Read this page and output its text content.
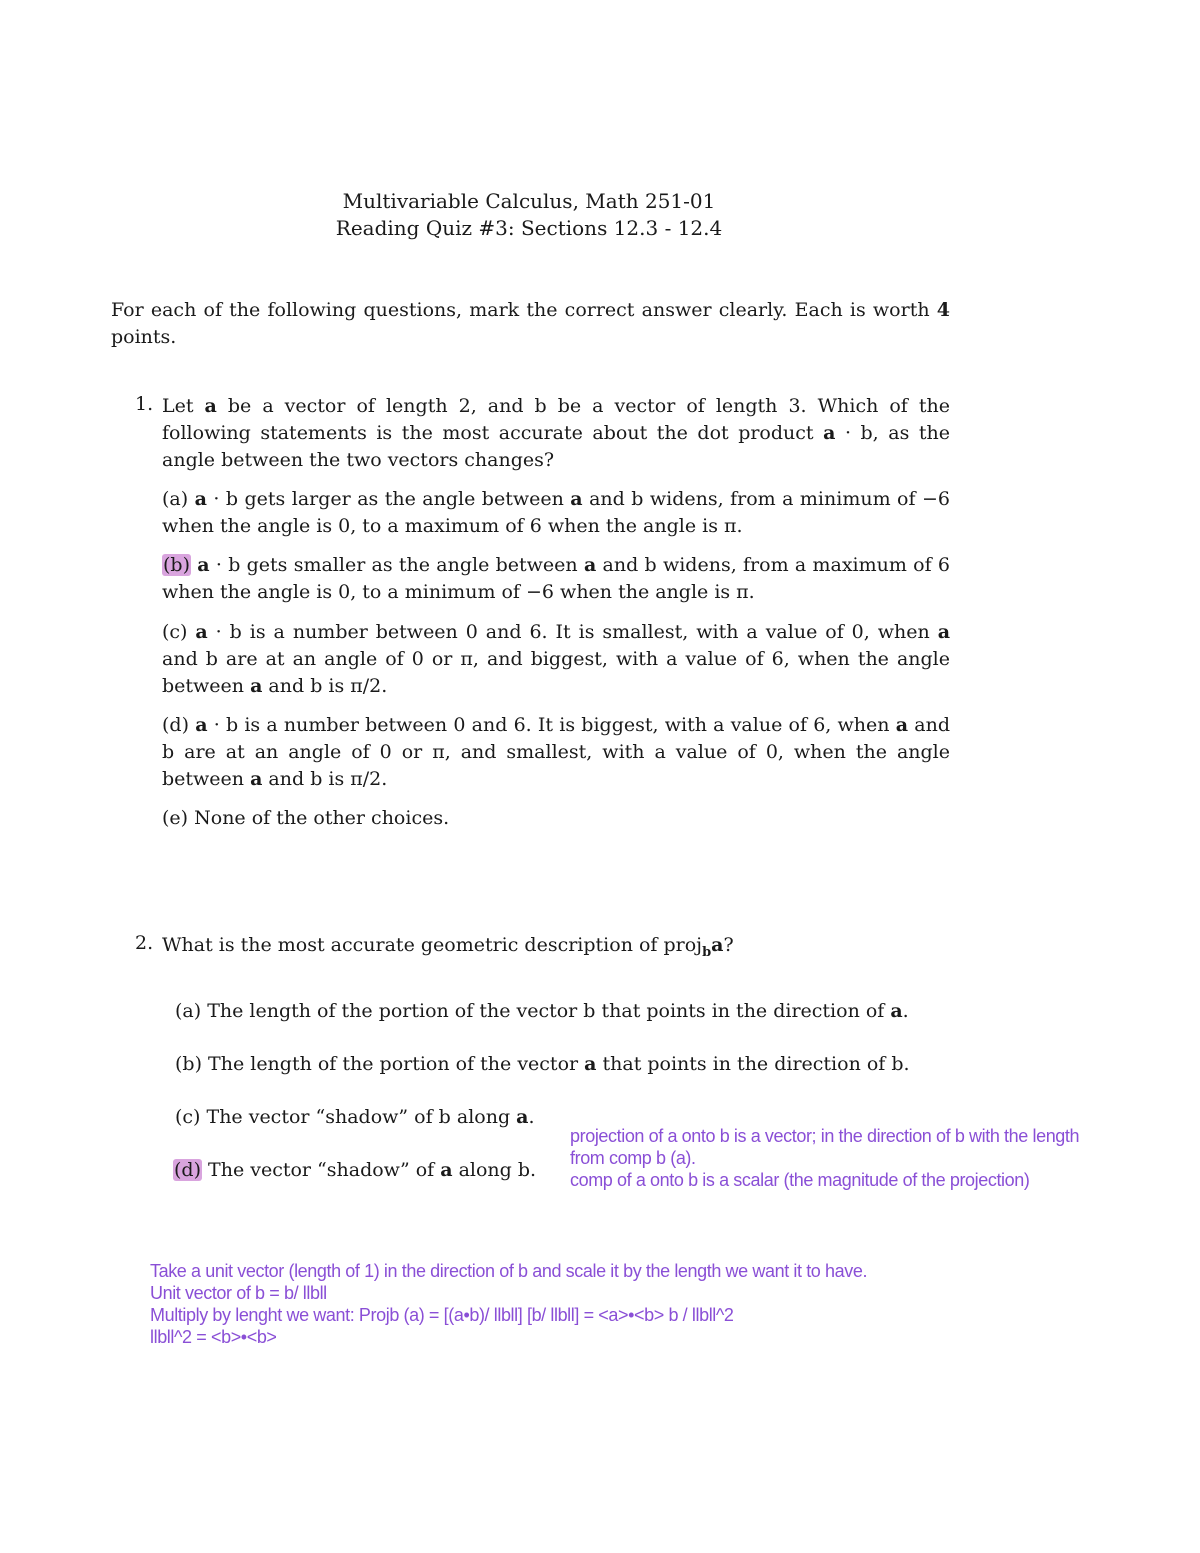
Multivariable Calculus, Math 251-01
Reading Quiz #3: Sections 12.3 - 12.4

For each of the following questions, mark the correct answer clearly. Each is worth 4 points.

1. Let a be a vector of length 2, and b be a vector of length 3. Which of the following statements is the most accurate about the dot product a · b, as the angle between the two vectors changes?

(a) a · b gets larger as the angle between a and b widens, from a minimum of −6 when the angle is 0, to a maximum of 6 when the angle is π.

(b) a · b gets smaller as the angle between a and b widens, from a maximum of 6 when the angle is 0, to a minimum of −6 when the angle is π.

(c) a · b is a number between 0 and 6. It is smallest, with a value of 0, when a and b are at an angle of 0 or π, and biggest, with a value of 6, when the angle between a and b is π/2.

(d) a · b is a number between 0 and 6. It is biggest, with a value of 6, when a and b are at an angle of 0 or π, and smallest, with a value of 0, when the angle between a and b is π/2.

(e) None of the other choices.

2. What is the most accurate geometric description of proj$_b$a?

(a) The length of the portion of the vector b that points in the direction of a.

(b) The length of the portion of the vector a that points in the direction of b.

(c) The vector “shadow” of b along a.

(d) The vector “shadow” of a along b.

projection of a onto b is a vector; in the direction of b with the length
from comp b (a).
comp of a onto b is a scalar (the magnitude of the projection)
Take a unit vector (length of 1) in the direction of b and scale it by the length we want it to have.
Unit vector of b = b/ llbll
Multiply by lenght we want: Projb (a) = [(a•b)/ llbll] [b/ llbll] = <a>•<b> b / llbll^2
llbll^2 = <b>•<b>
